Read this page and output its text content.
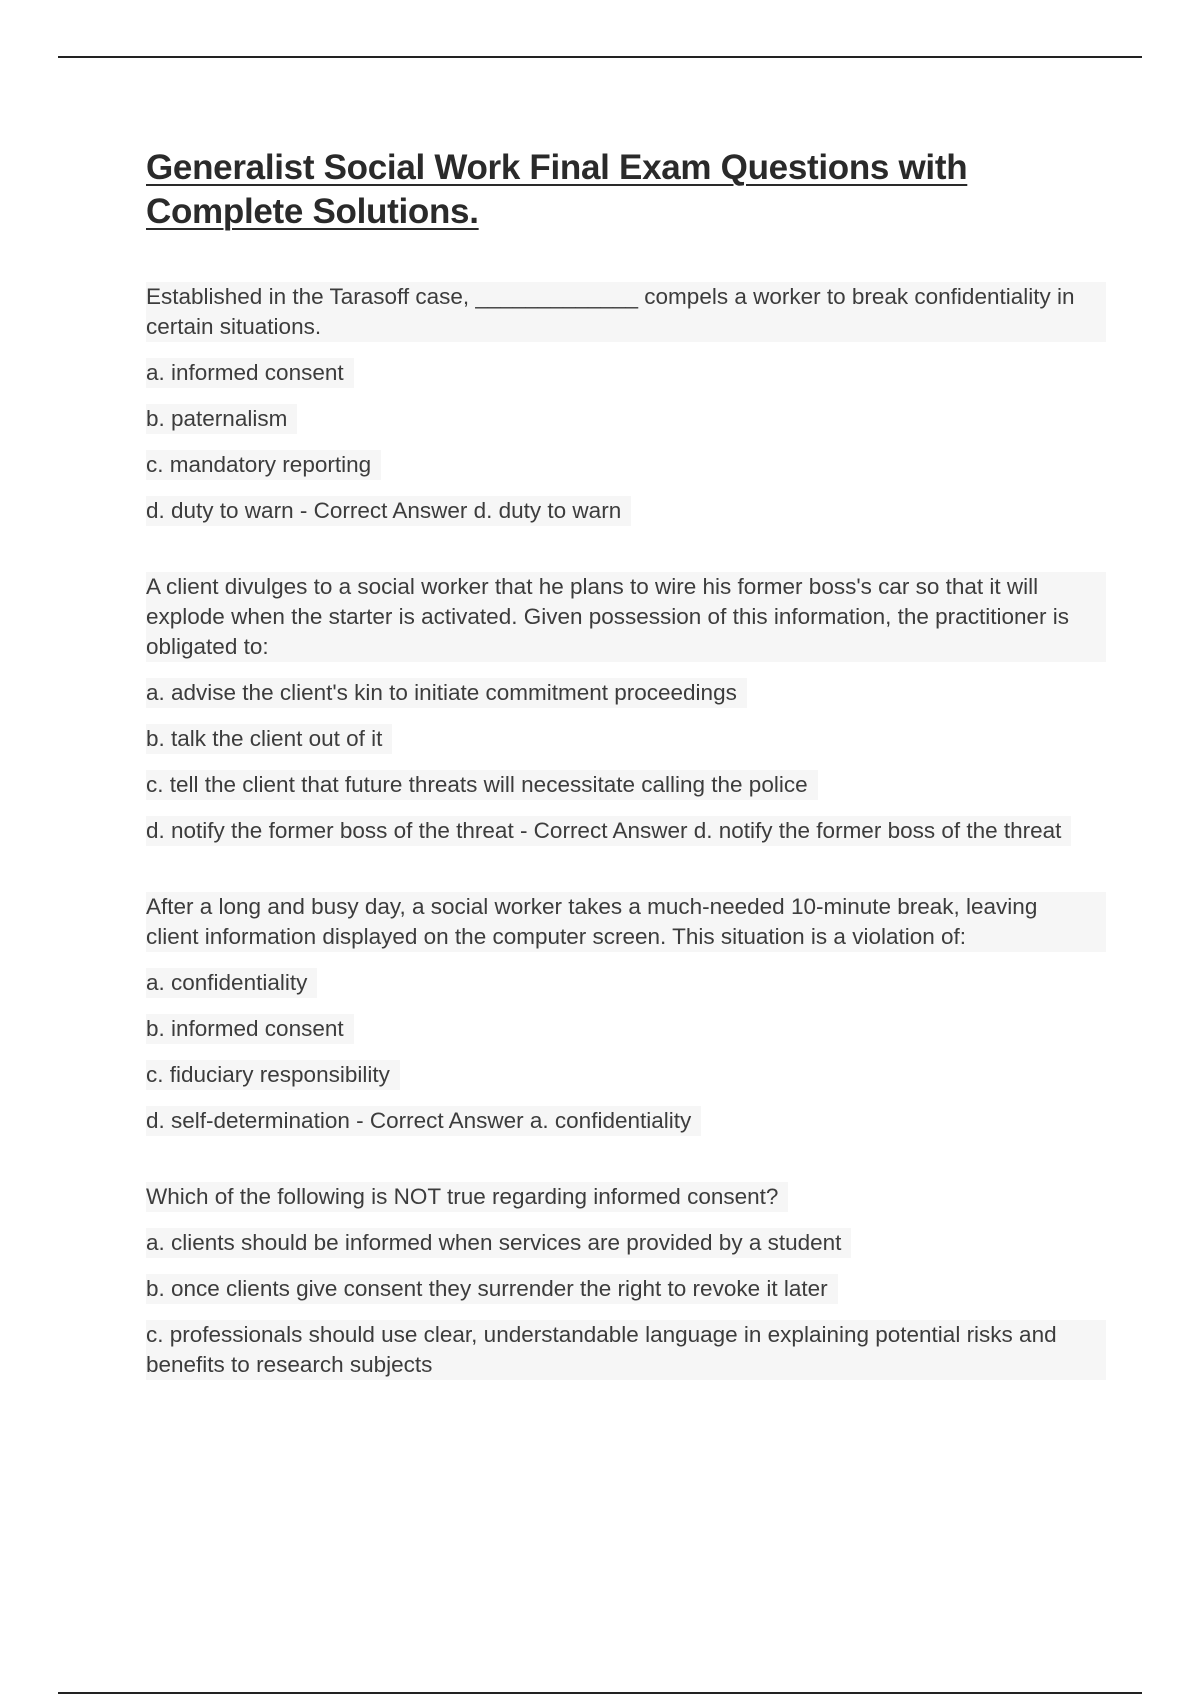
Generalist Social Work Final Exam Questions with Complete Solutions.
Established in the Tarasoff case, _____________ compels a worker to break confidentiality in certain situations.
a. informed consent
b. paternalism
c. mandatory reporting
d. duty to warn - Correct Answer d. duty to warn
A client divulges to a social worker that he plans to wire his former boss's car so that it will explode when the starter is activated. Given possession of this information, the practitioner is obligated to:
a. advise the client's kin to initiate commitment proceedings
b. talk the client out of it
c. tell the client that future threats will necessitate calling the police
d. notify the former boss of the threat - Correct Answer d. notify the former boss of the threat
After a long and busy day, a social worker takes a much-needed 10-minute break, leaving client information displayed on the computer screen. This situation is a violation of:
a. confidentiality
b. informed consent
c. fiduciary responsibility
d. self-determination - Correct Answer a. confidentiality
Which of the following is NOT true regarding informed consent?
a. clients should be informed when services are provided by a student
b. once clients give consent they surrender the right to revoke it later
c. professionals should use clear, understandable language in explaining potential risks and benefits to research subjects
